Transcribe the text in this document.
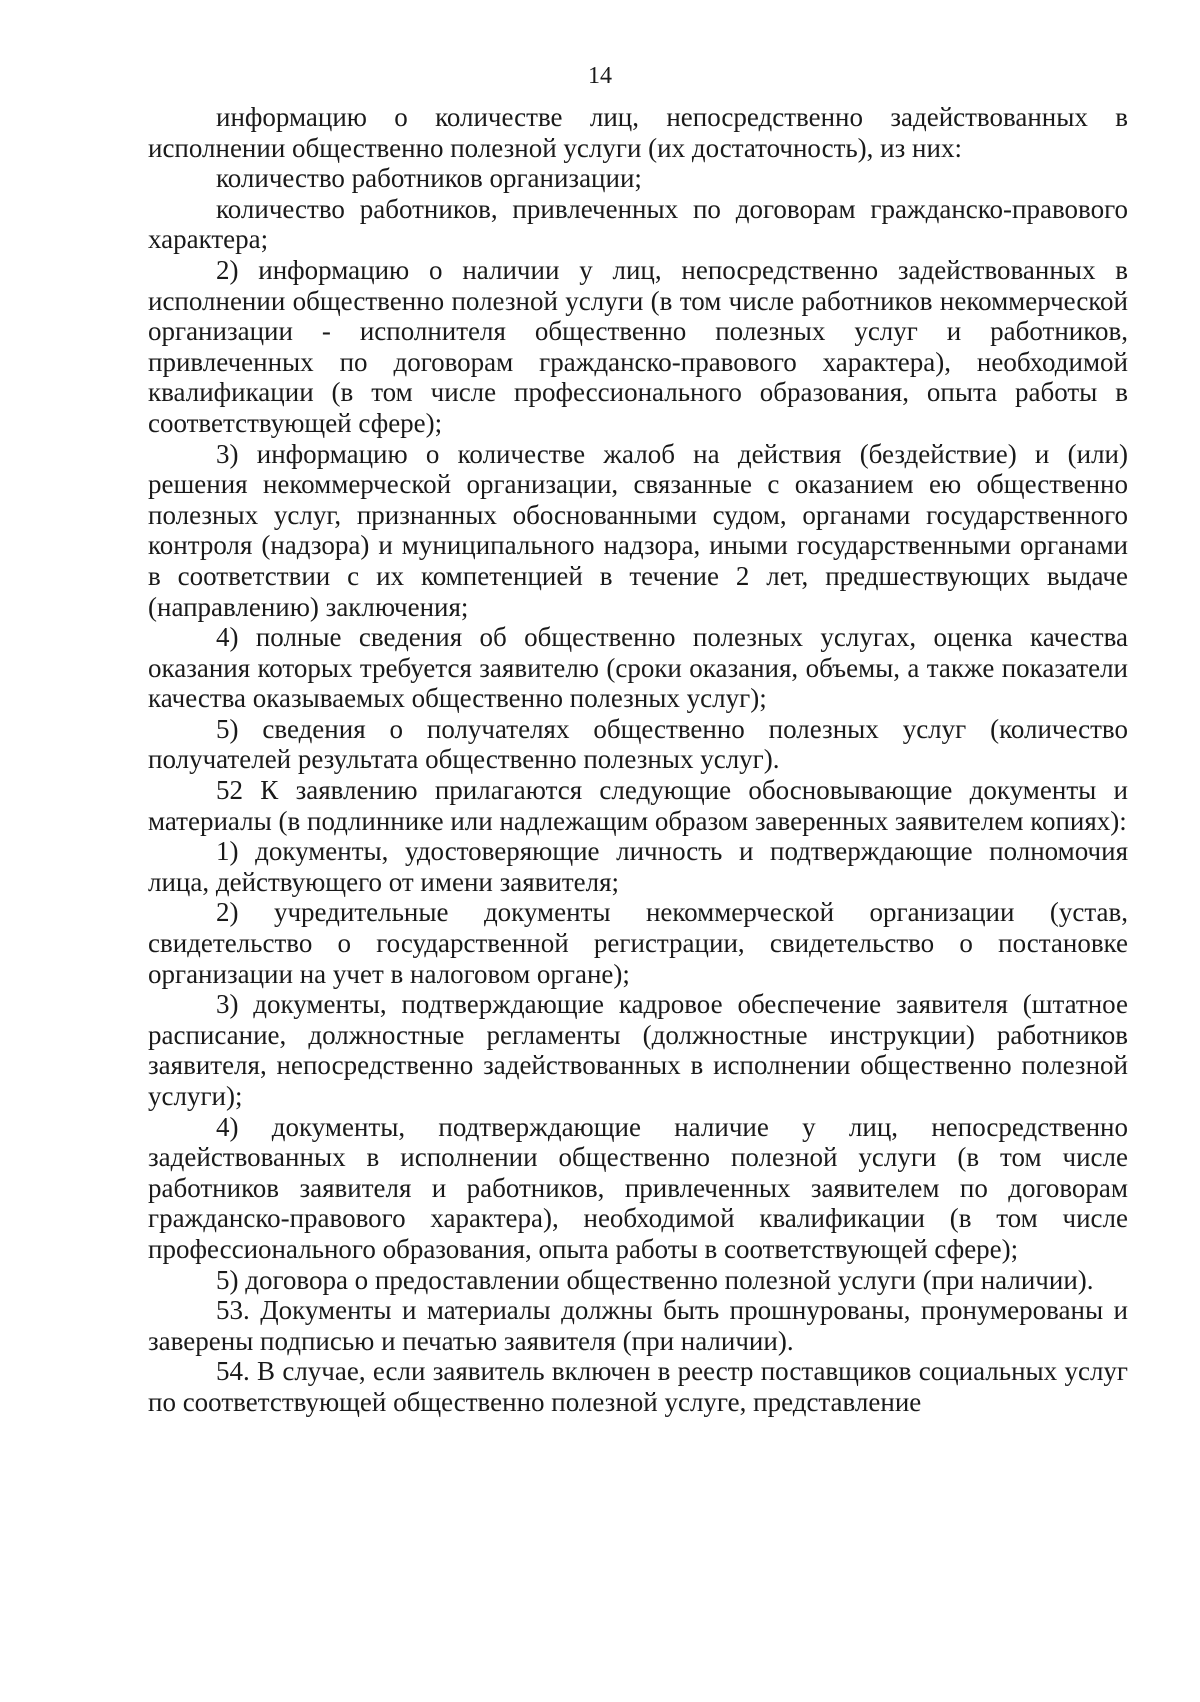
14

информацию о количестве лиц, непосредственно задействованных в исполнении общественно полезной услуги (их достаточность), из них:

количество работников организации;

количество работников, привлеченных по договорам гражданско-правового характера;

2) информацию о наличии у лиц, непосредственно задействованных в исполнении общественно полезной услуги (в том числе работников некоммерческой организации - исполнителя общественно полезных услуг и работников, привлеченных по договорам гражданско-правового характера), необходимой квалификации (в том числе профессионального образования, опыта работы в соответствующей сфере);

3) информацию о количестве жалоб на действия (бездействие) и (или) решения некоммерческой организации, связанные с оказанием ею общественно полезных услуг, признанных обоснованными судом, органами государственного контроля (надзора) и муниципального надзора, иными государственными органами в соответствии с их компетенцией в течение 2 лет, предшествующих выдаче (направлению) заключения;

4) полные сведения об общественно полезных услугах, оценка качества оказания которых требуется заявителю (сроки оказания, объемы, а также показатели качества оказываемых общественно полезных услуг);

5) сведения о получателях общественно полезных услуг (количество получателей результата общественно полезных услуг).

52 К заявлению прилагаются следующие обосновывающие документы и материалы (в подлиннике или надлежащим образом заверенных заявителем копиях):

1) документы, удостоверяющие личность и подтверждающие полномочия лица, действующего от имени заявителя;

2) учредительные документы некоммерческой организации (устав, свидетельство о государственной регистрации, свидетельство о постановке организации на учет в налоговом органе);

3) документы, подтверждающие кадровое обеспечение заявителя (штатное расписание, должностные регламенты (должностные инструкции) работников заявителя, непосредственно задействованных в исполнении общественно полезной услуги);

4) документы, подтверждающие наличие у лиц, непосредственно задействованных в исполнении общественно полезной услуги (в том числе работников заявителя и работников, привлеченных заявителем по договорам гражданско-правового характера), необходимой квалификации (в том числе профессионального образования, опыта работы в соответствующей сфере);

5) договора о предоставлении общественно полезной услуги (при наличии).

53. Документы и материалы должны быть прошнурованы, пронумерованы и заверены подписью и печатью заявителя (при наличии).

54. В случае, если заявитель включен в реестр поставщиков социальных услуг по соответствующей общественно полезной услуге, представление
